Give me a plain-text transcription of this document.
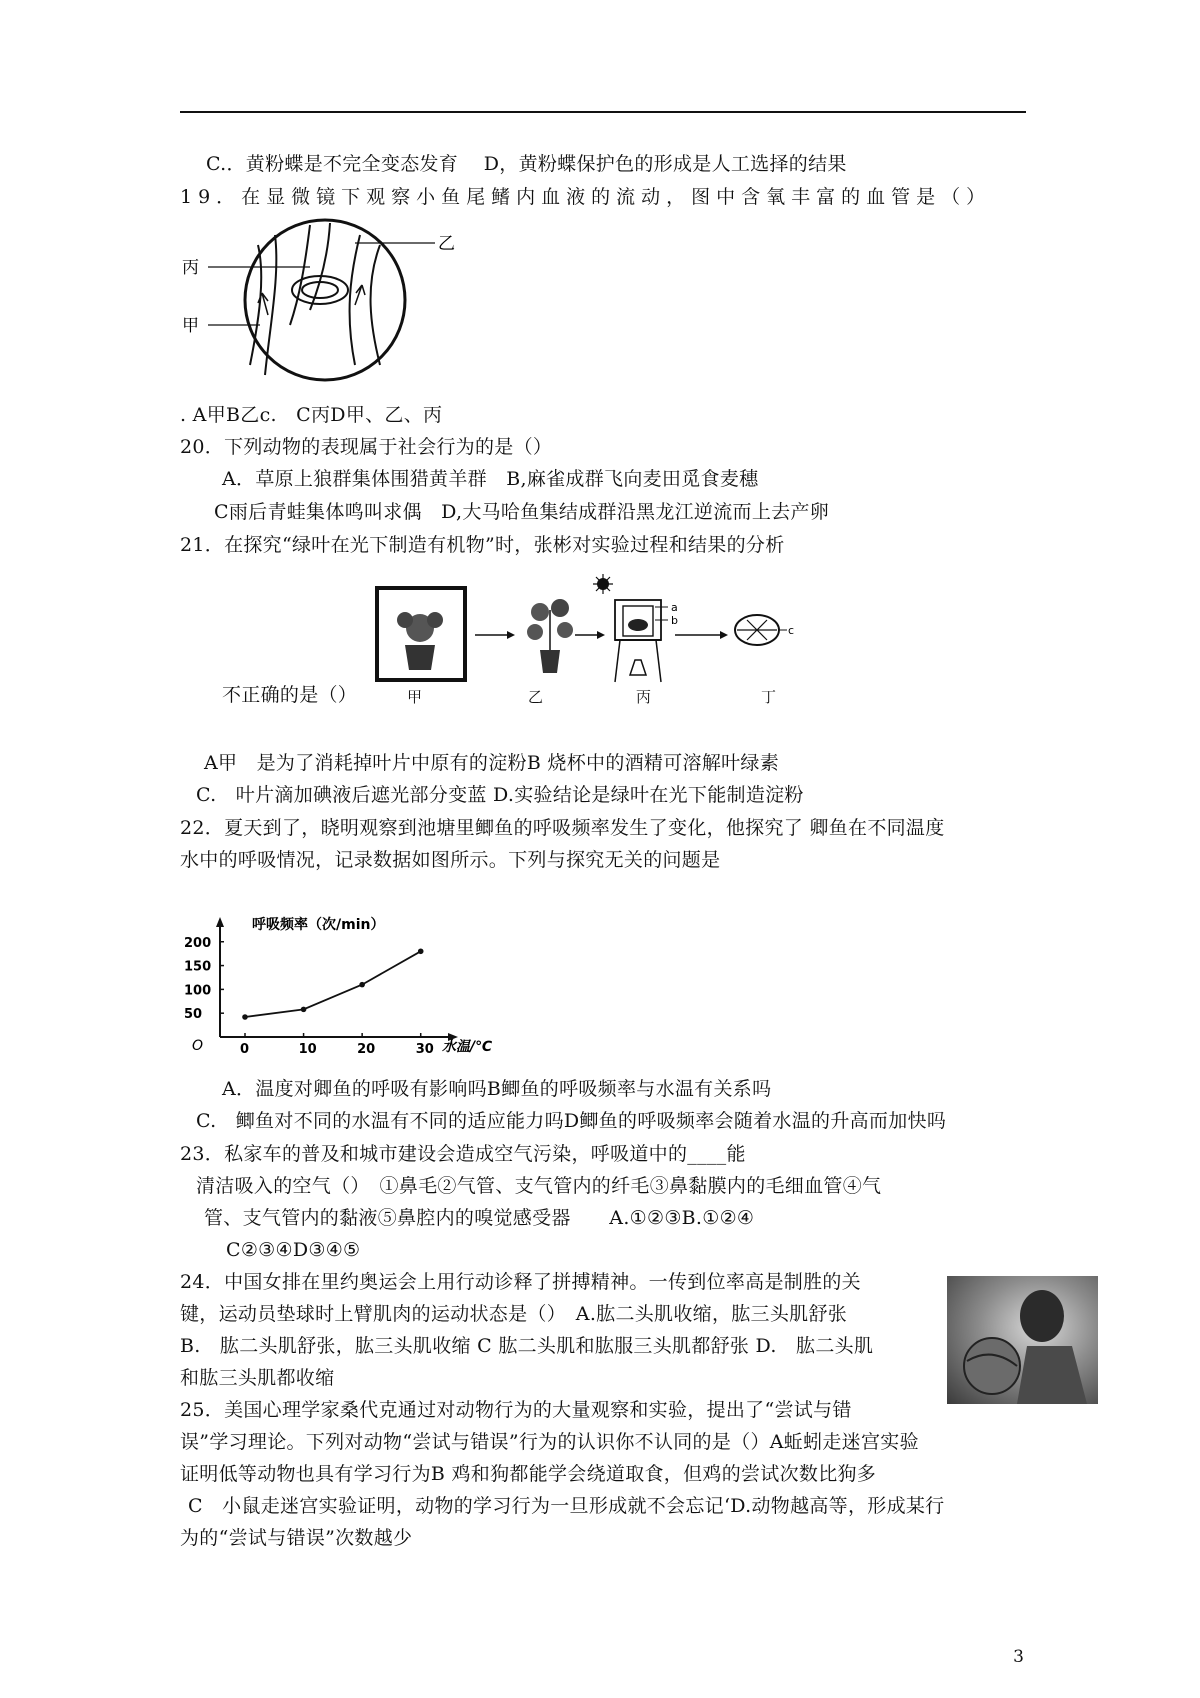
C.．黄粉蝶是不完全变态发育　 D，黄粉蝶保护色的形成是人工选择的结果
19．在显微镜下观察小鱼尾鳍内血液的流动，图中含氧丰富的血管是（）
乙
丙
甲
. A甲B乙c.　C丙D甲、乙、丙
20．下列动物的表现属于社会行为的是（）
A．草原上狼群集体围猎黄羊群　B,麻雀成群飞向麦田觅食麦穗
C雨后青蛙集体鸣叫求偶　D,大马哈鱼集结成群沿黑龙江逆流而上去产卵
21．在探究“绿叶在光下制造有机物”时，张彬对实验过程和结果的分析
a
b
c
不正确的是（）	甲	乙	丙	丁
A甲　是为了消耗掉叶片中原有的淀粉B 烧杯中的酒精可溶解叶绿素
C.　叶片滴加碘液后遮光部分变蓝 D.实验结论是绿叶在光下能制造淀粉
22．夏天到了，晓明观察到池塘里鲫鱼的呼吸频率发生了变化，他探究了 卿鱼在不同温度
水中的呼吸情况，记录数据如图所示。下列与探究无关的问题是
0	10	20	30
50
100
150
200
呼吸频率（次/min）
水温/℃
O
A．温度对卿鱼的呼吸有影响吗B鲫鱼的呼吸频率与水温有关系吗
C.　鲫鱼对不同的水温有不同的适应能力吗D鲫鱼的呼吸频率会随着水温的升高而加快吗
23．私家车的普及和城市建设会造成空气污染，呼吸道中的____能
清洁吸入的空气（）　①鼻毛②气管、支气管内的纤毛③鼻黏膜内的毛细血管④气
管、支气管内的黏液⑤鼻腔内的嗅觉感受器　　A.①②③B.①②④
C②③④D③④⑤
24．中国女排在里约奥运会上用行动诊释了拼搏精神。一传到位率高是制胜的关
键，运动员垫球时上臂肌肉的运动状态是（）　A.肱二头肌收缩，肱三头肌舒张
B.　肱二头肌舒张，肱三头肌收缩 C 肱二头肌和肱服三头肌都舒张 D.　肱二头肌
和肱三头肌都收缩
25．美国心理学家桑代克通过对动物行为的大量观察和实验，提出了“尝试与错
误”学习理论。下列对动物“尝试与错误”行为的认识你不认同的是（）A蚯蚓走迷宫实验
证明低等动物也具有学习行为B 鸡和狗都能学会绕道取食，但鸡的尝试次数比狗多
C　小鼠走迷宫实验证明，动物的学习行为一旦形成就不会忘记‘D.动物越高等，形成某行
为的“尝试与错误”次数越少
3
